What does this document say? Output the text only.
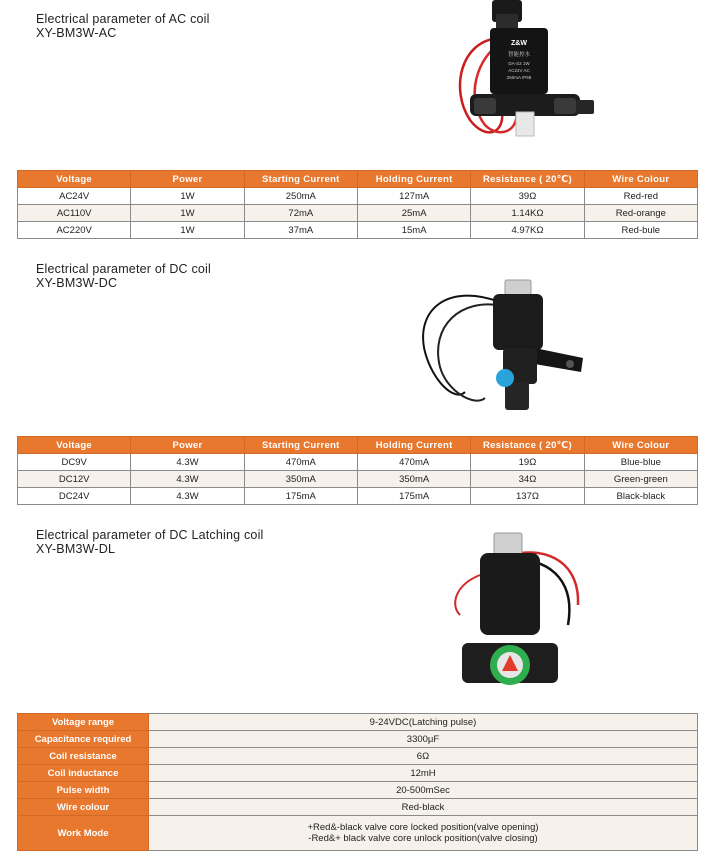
Electrical parameter of AC coil
XY-BM3W-AC
Z&W
智能控水
DA-S2 1W
AC24V AC
250mA IP68
Voltage	Power	Starting Current	Holding Current	Resistance ( 20℃)	Wire Colour
AC24V	1W	250mA	127mA	39Ω	Red-red
AC110V	1W	72mA	25mA	1.14KΩ	Red-orange
AC220V	1W	37mA	15mA	4.97KΩ	Red-bule
Electrical parameter of DC coil
XY-BM3W-DC
Voltage	Power	Starting Current	Holding Current	Resistance ( 20℃)	Wire Colour
DC9V	4.3W	470mA	470mA	19Ω	Blue-blue
DC12V	4.3W	350mA	350mA	34Ω	Green-green
DC24V	4.3W	175mA	175mA	137Ω	Black-black
Electrical parameter of DC Latching coil
XY-BM3W-DL
Voltage range	9-24VDC(Latching pulse)
Capacitance required	3300μF
Coil resistance	6Ω
Coil inductance	12mH
Pulse width	20-500mSec
Wire colour	Red-black
Work Mode	+Red&-black valve core locked position(valve opening)
-Red&+ black valve core unlock position(valve closing)
